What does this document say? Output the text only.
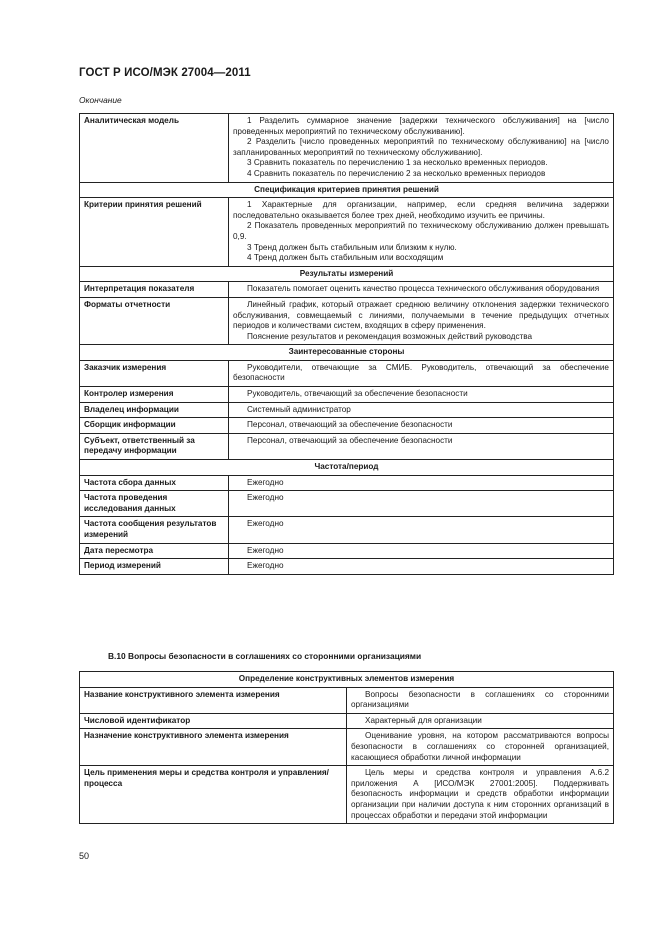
ГОСТ Р ИСО/МЭК 27004—2011
Окончание
Аналитическая модель	1 Разделить суммарное значение [задержки технического обслуживания] на [число проведенных мероприятий по техническому обслуживанию].

2 Разделить [число проведенных мероприятий по техническому обслуживанию] на [число запланированных мероприятий по техническому обслуживанию].

3 Сравнить показатель по перечислению 1 за несколько временных периодов.

4 Сравнить показатель по перечислению 2 за несколько временных периодов

Спецификация критериев принятия решений	
Критерии принятия решений	1 Характерные для организации, например, если средняя величина задержки последовательно оказывается более трех дней, необходимо изучить ее причины.

2 Показатель проведенных мероприятий по техническому обслуживанию должен превышать 0,9.

3 Тренд должен быть стабильным или близким к нулю.

4 Тренд должен быть стабильным или восходящим

Результаты измерений	
Интерпретация показателя	Показатель помогает оценить качество процесса технического обслуживания оборудования

Форматы отчетности	Линейный график, который отражает среднюю величину отклонения задержки технического обслуживания, совмещаемый с линиями, получаемыми в течение предыдущих отчетных периодов и количествами систем, входящих в сферу применения.

Пояснение результатов и рекомендация возможных действий руководства

Заинтересованные стороны	
Заказчик измерения	Руководители, отвечающие за СМИБ. Руководитель, отвечающий за обеспечение безопасности

Контролер измерения	Руководитель, отвечающий за обеспечение безопасности

Владелец информации	Системный администратор

Сборщик информации	Персонал, отвечающий за обеспечение безопасности

Субъект, ответственный за передачу информации	Персонал, отвечающий за обеспечение безопасности

Частота/период	
Частота сбора данных	Ежегодно

Частота проведения исследования данных	Ежегодно

Частота сообщения результатов измерений	Ежегодно

Дата пересмотра	Ежегодно

Период измерений	Ежегодно

В.10 Вопросы безопасности в соглашениях со сторонними организациями
Определение конструктивных элементов измерения	
Название конструктивного элемента измерения	Вопросы безопасности в соглашениях со сторонними организациями

Числовой идентификатор	Характерный для организации

Назначение конструктивного элемента измерения	Оценивание уровня, на котором рассматриваются вопросы безопасности в соглашениях со сторонней организацией, касающиеся обработки личной информации

Цель применения меры и средства контроля и управления/процесса	Цель меры и средства контроля и управления А.6.2 приложения А [ИСО/МЭК 27001:2005]. Поддерживать безопасность информации и средств обработки информации организации при наличии доступа к ним сторонних организаций в процессах обработки и передачи этой информации

50
